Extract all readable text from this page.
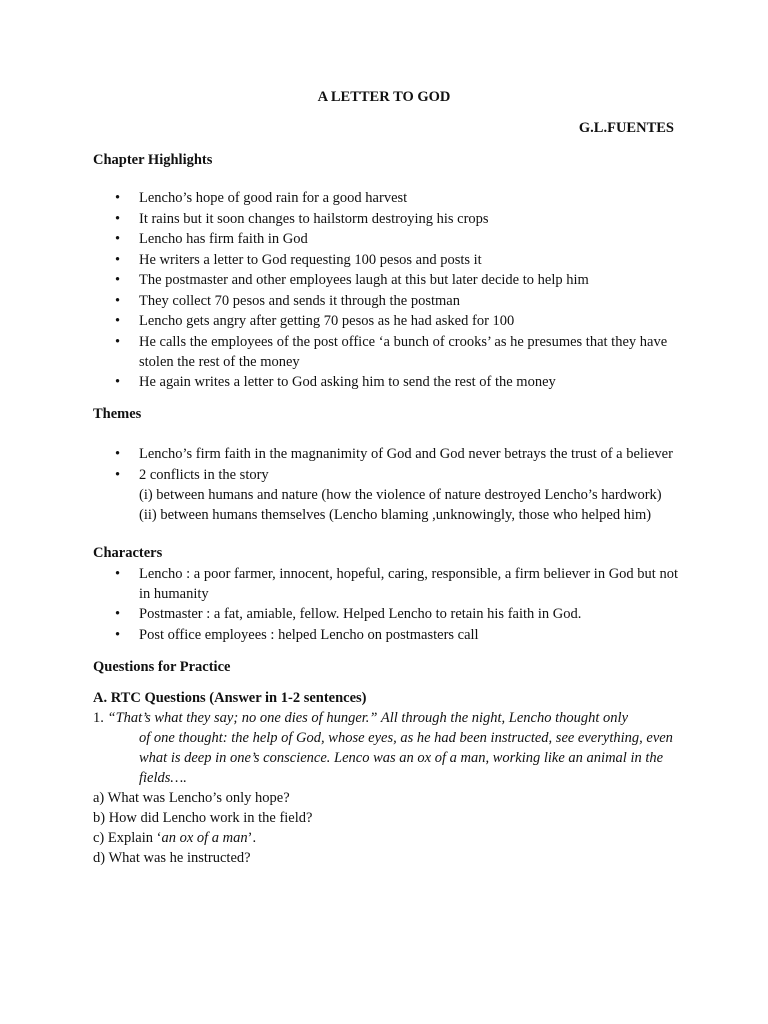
A LETTER TO GOD
G.L.FUENTES

Chapter Highlights

•	Lencho’s hope of good rain for a good harvest
•	It rains but it soon changes to hailstorm destroying his crops
•	Lencho has firm faith in God
•	He writers a letter to God requesting 100 pesos and posts it
•	The postmaster and other employees laugh at this but later decide to help him
•	They collect 70 pesos and sends it through the postman
•	Lencho gets angry after getting 70 pesos as he had asked for 100
•	He calls the employees of the post office ‘a bunch of crooks’ as he presumes that they have stolen the rest of the money
•	He again writes a letter to God asking him to send the rest of the money

Themes

•	Lencho’s firm faith in the magnanimity of God and God never betrays the trust of a believer
•	2 conflicts in the story
(i) between humans and nature (how the violence of nature destroyed Lencho’s hardwork)
(ii) between humans themselves (Lencho blaming ,unknowingly, those who helped him)

Characters

•	Lencho : a poor farmer, innocent, hopeful, caring, responsible, a firm believer in God but not in humanity
•	Postmaster : a fat, amiable, fellow. Helped Lencho to retain his faith in God.
•	Post office employees : helped Lencho on postmasters call

Questions for Practice

A. RTC Questions (Answer in 1-2 sentences)

1. “That’s what they say; no one dies of hunger.” All through the night, Lencho thought only

of one thought: the help of God, whose eyes, as he had been instructed, see everything, even what is deep in one’s conscience. Lenco was an ox of a man, working like an animal in the fields….

a) What was Lencho’s only hope?

b) How did Lencho work in the field?

c) Explain ‘an ox of a man’.

d) What was he instructed?
